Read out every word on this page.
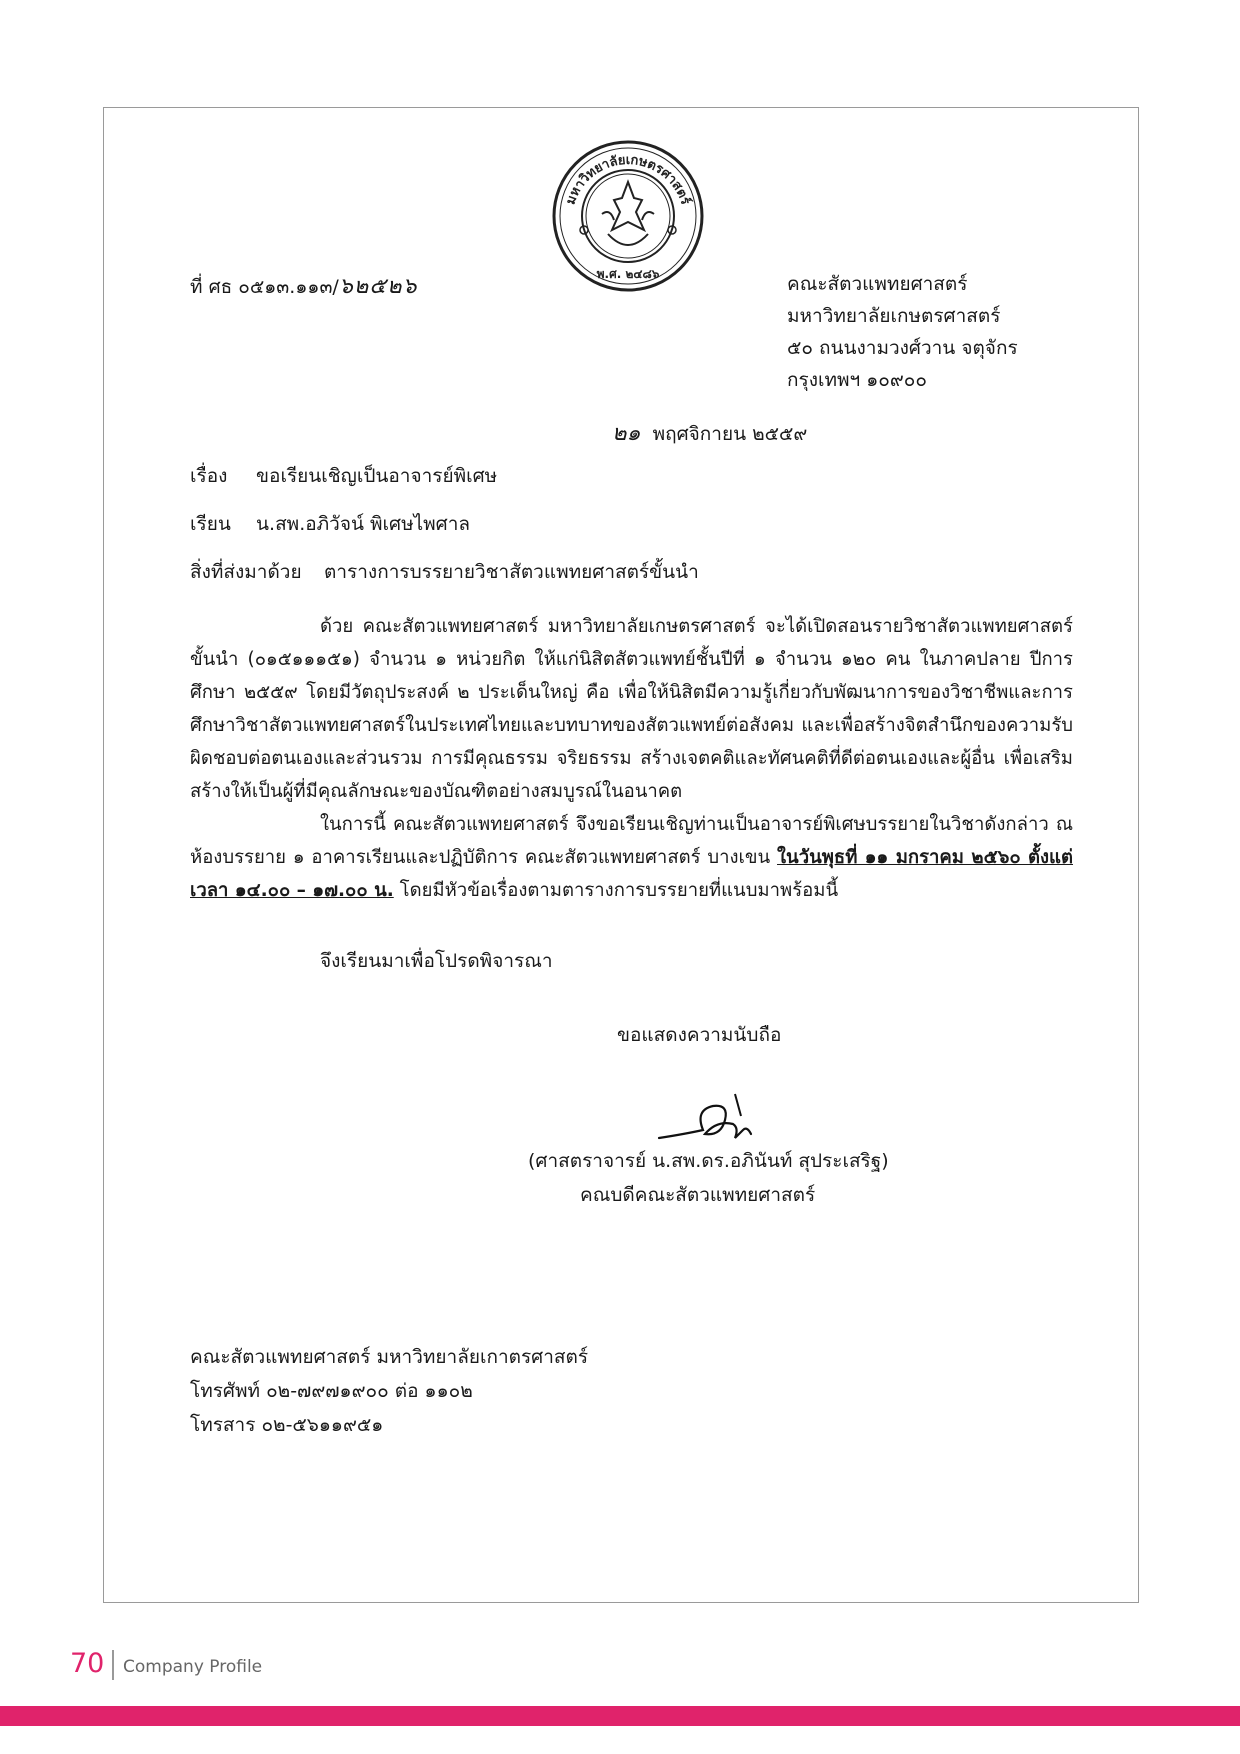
มหาวิทยาลัยเกษตรศาสตร์
พ.ศ. ๒๔๘๖
ที่ ศธ ๐๕๑๓.๑๑๓/๖๒๕๒๖	คณะสัตวแพทยศาสตร์
มหาวิทยาลัยเกษตรศาสตร์
๕๐ ถนนงามวงศ์วาน จตุจักร
กรุงเทพฯ ๑๐๙๐๐
๒๑ พฤศจิกายน ๒๕๕๙
เรื่อง ขอเรียนเชิญเป็นอาจารย์พิเศษ
เรียน น.สพ.อภิวัจน์ พิเศษไพศาล
สิ่งที่ส่งมาด้วย ตารางการบรรยายวิชาสัตวแพทยศาสตร์ขั้นนำ

ด้วย คณะสัตวแพทยศาสตร์ มหาวิทยาลัยเกษตรศาสตร์ จะได้เปิดสอนรายวิชาสัตวแพทยศาสตร์ขั้นนำ (๐๑๕๑๑๑๕๑) จำนวน ๑ หน่วยกิต ให้แก่นิสิตสัตวแพทย์ชั้นปีที่ ๑ จำนวน ๑๒๐ คน ในภาคปลาย ปีการศึกษา ๒๕๕๙ โดยมีวัตถุประสงค์ ๒ ประเด็นใหญ่ คือ เพื่อให้นิสิตมีความรู้เกี่ยวกับพัฒนาการของวิชาชีพและการศึกษาวิชาสัตวแพทยศาสตร์ในประเทศไทยและบทบาทของสัตวแพทย์ต่อสังคม และเพื่อสร้างจิตสำนึกของความรับผิดชอบต่อตนเองและส่วนรวม การมีคุณธรรม จริยธรรม สร้างเจตคติและทัศนคติที่ดีต่อตนเองและผู้อื่น เพื่อเสริมสร้างให้เป็นผู้ที่มีคุณลักษณะของบัณฑิตอย่างสมบูรณ์ในอนาคต

ในการนี้ คณะสัตวแพทยศาสตร์ จึงขอเรียนเชิญท่านเป็นอาจารย์พิเศษบรรยายในวิชาดังกล่าว ณ ห้องบรรยาย ๑ อาคารเรียนและปฏิบัติการ คณะสัตวแพทยศาสตร์ บางเขน ในวันพุธที่ ๑๑ มกราคม ๒๕๖๐ ตั้งแต่เวลา ๑๔.๐๐ – ๑๗.๐๐ น. โดยมีหัวข้อเรื่องตามตารางการบรรยายที่แนบมาพร้อมนี้

จึงเรียนมาเพื่อโปรดพิจารณา
ขอแสดงความนับถือ
(ศาสตราจารย์ น.สพ.ดร.อภินันท์ สุประเสริฐ)
คณบดีคณะสัตวแพทยศาสตร์
คณะสัตวแพทยศาสตร์ มหาวิทยาลัยเกาตรศาสตร์
โทรศัพท์ ๐๒-๗๙๗๑๙๐๐ ต่อ ๑๑๐๒
โทรสาร ๐๒-๕๖๑๑๙๕๑
70 Company Profile
